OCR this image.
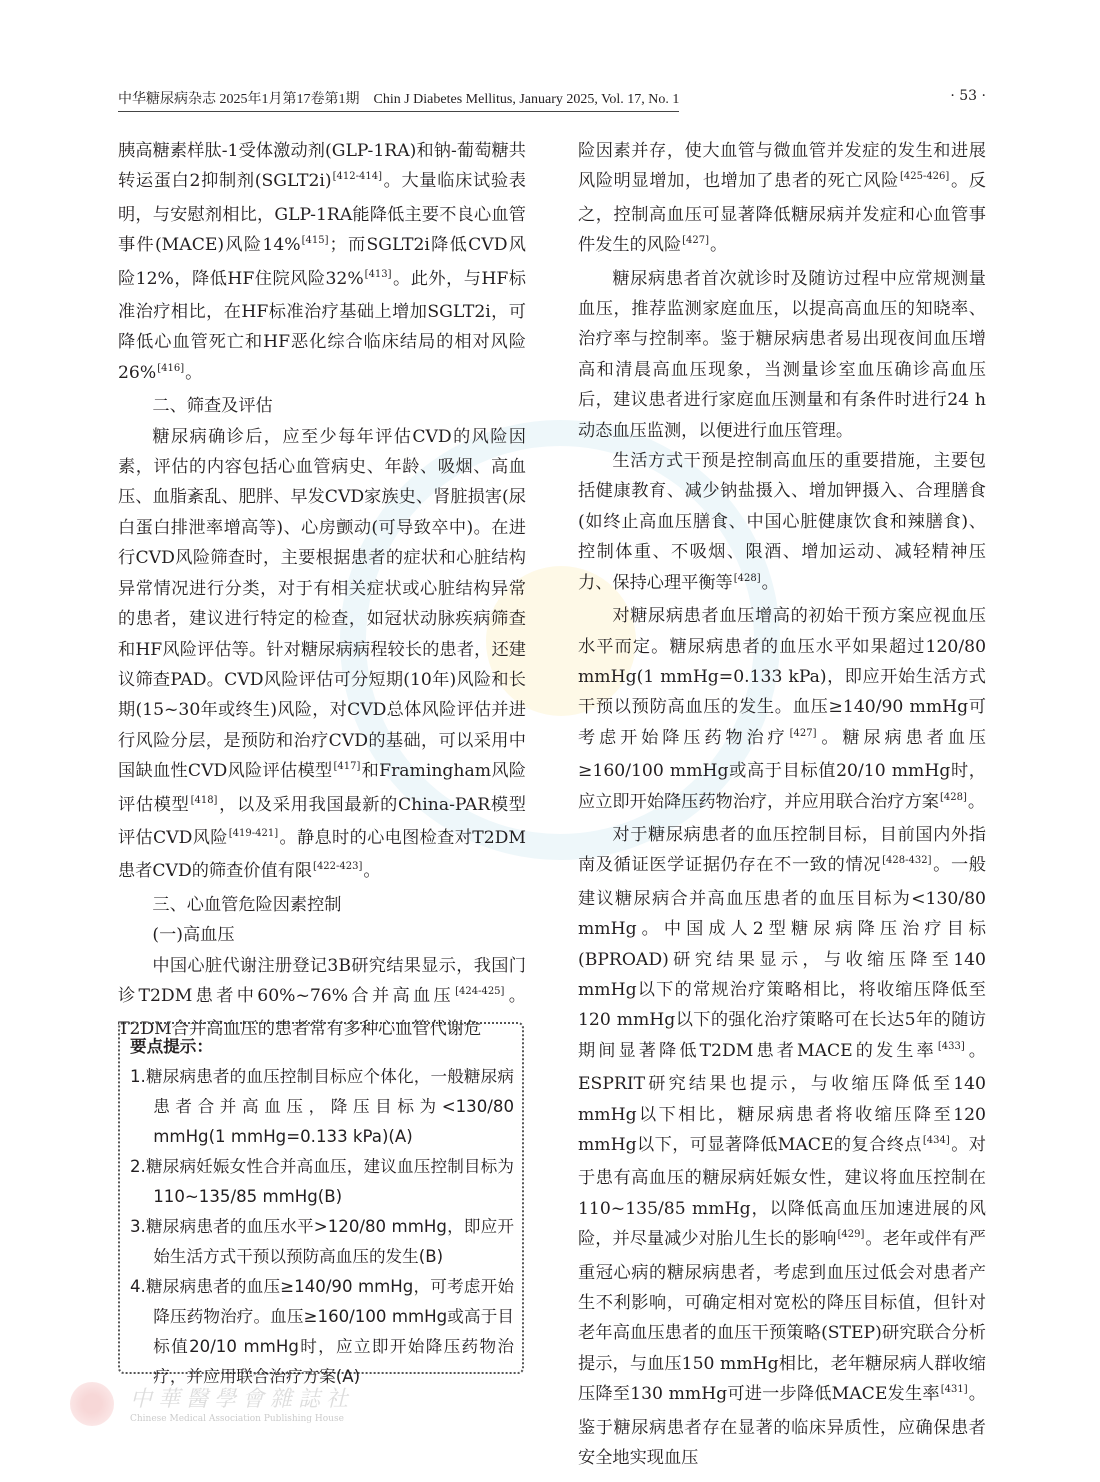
中华糖尿病杂志 2025年1月第17卷第1期　Chin J Diabetes Mellitus, January 2025, Vol. 17, No. 1	· 53 ·

胰高糖素样肽-1受体激动剂(GLP-1RA)和钠-葡萄糖共转运蛋白2抑制剂(SGLT2i)[412-414]。大量临床试验表明，与安慰剂相比，GLP-1RA能降低主要不良心血管事件(MACE)风险14%[415]；而SGLT2i降低CVD风险12%，降低HF住院风险32%[413]。此外，与HF标准治疗相比，在HF标准治疗基础上增加SGLT2i，可降低心血管死亡和HF恶化综合临床结局的相对风险26%[416]。

二、筛查及评估

糖尿病确诊后，应至少每年评估CVD的风险因素，评估的内容包括心血管病史、年龄、吸烟、高血压、血脂紊乱、肥胖、早发CVD家族史、肾脏损害(尿白蛋白排泄率增高等)、心房颤动(可导致卒中)。在进行CVD风险筛查时，主要根据患者的症状和心脏结构异常情况进行分类，对于有相关症状或心脏结构异常的患者，建议进行特定的检查，如冠状动脉疾病筛查和HF风险评估等。针对糖尿病病程较长的患者，还建议筛查PAD。CVD风险评估可分短期(10年)风险和长期(15~30年或终生)风险，对CVD总体风险评估并进行风险分层，是预防和治疗CVD的基础，可以采用中国缺血性CVD风险评估模型[417]和Framingham风险评估模型[418]，以及采用我国最新的China-PAR模型评估CVD风险[419-421]。静息时的心电图检查对T2DM患者CVD的筛查价值有限[422-423]。

三、心血管危险因素控制
(一)高血压

中国心脏代谢注册登记3B研究结果显示，我国门诊T2DM患者中60%~76%合并高血压[424-425]。T2DM合并高血压的患者常有多种心血管代谢危

险因素并存，使大血管与微血管并发症的发生和进展风险明显增加，也增加了患者的死亡风险[425-426]。反之，控制高血压可显著降低糖尿病并发症和心血管事件发生的风险[427]。

糖尿病患者首次就诊时及随访过程中应常规测量血压，推荐监测家庭血压，以提高高血压的知晓率、治疗率与控制率。鉴于糖尿病患者易出现夜间血压增高和清晨高血压现象，当测量诊室血压确诊高血压后，建议患者进行家庭血压测量和有条件时进行24 h动态血压监测，以便进行血压管理。

生活方式干预是控制高血压的重要措施，主要包括健康教育、减少钠盐摄入、增加钾摄入、合理膳食(如终止高血压膳食、中国心脏健康饮食和辣膳食)、控制体重、不吸烟、限酒、增加运动、减轻精神压力、保持心理平衡等[428]。

对糖尿病患者血压增高的初始干预方案应视血压水平而定。糖尿病患者的血压水平如果超过120/80 mmHg(1 mmHg=0.133 kPa)，即应开始生活方式干预以预防高血压的发生。血压≥140/90 mmHg可考虑开始降压药物治疗[427]。糖尿病患者血压≥160/100 mmHg或高于目标值20/10 mmHg时，应立即开始降压药物治疗，并应用联合治疗方案[428]。

对于糖尿病患者的血压控制目标，目前国内外指南及循证医学证据仍存在不一致的情况[428-432]。一般建议糖尿病合并高血压患者的血压目标为<130/80 mmHg。中国成人2型糖尿病降压治疗目标(BPROAD)研究结果显示，与收缩压降至140 mmHg以下的常规治疗策略相比，将收缩压降低至120 mmHg以下的强化治疗策略可在长达5年的随访期间显著降低T2DM患者MACE的发生率[433]。ESPRIT研究结果也提示，与收缩压降低至140 mmHg以下相比，糖尿病患者将收缩压降至120 mmHg以下，可显著降低MACE的复合终点[434]。对于患有高血压的糖尿病妊娠女性，建议将血压控制在110~135/85 mmHg，以降低高血压加速进展的风险，并尽量减少对胎儿生长的影响[429]。老年或伴有严重冠心病的糖尿病患者，考虑到血压过低会对患者产生不利影响，可确定相对宽松的降压目标值，但针对老年高血压患者的血压干预策略(STEP)研究联合分析提示，与血压150 mmHg相比，老年糖尿病人群收缩压降至130 mmHg可进一步降低MACE发生率[431]。鉴于糖尿病患者存在显著的临床异质性，应确保患者安全地实现血压

要点提示：
1.糖尿病患者的血压控制目标应个体化，一般糖尿病患者合并高血压，降压目标为<130/80 mmHg(1 mmHg=0.133 kPa)(A)
2.糖尿病妊娠女性合并高血压，建议血压控制目标为110~135/85 mmHg(B)
3.糖尿病患者的血压水平>120/80 mmHg，即应开始生活方式干预以预防高血压的发生(B)
4.糖尿病患者的血压≥140/90 mmHg，可考虑开始降压药物治疗。血压≥160/100 mmHg或高于目标值20/10 mmHg时，应立即开始降压药物治疗，并应用联合治疗方案(A)
中華醫學會雜誌社
Chinese Medical Association Publishing House
